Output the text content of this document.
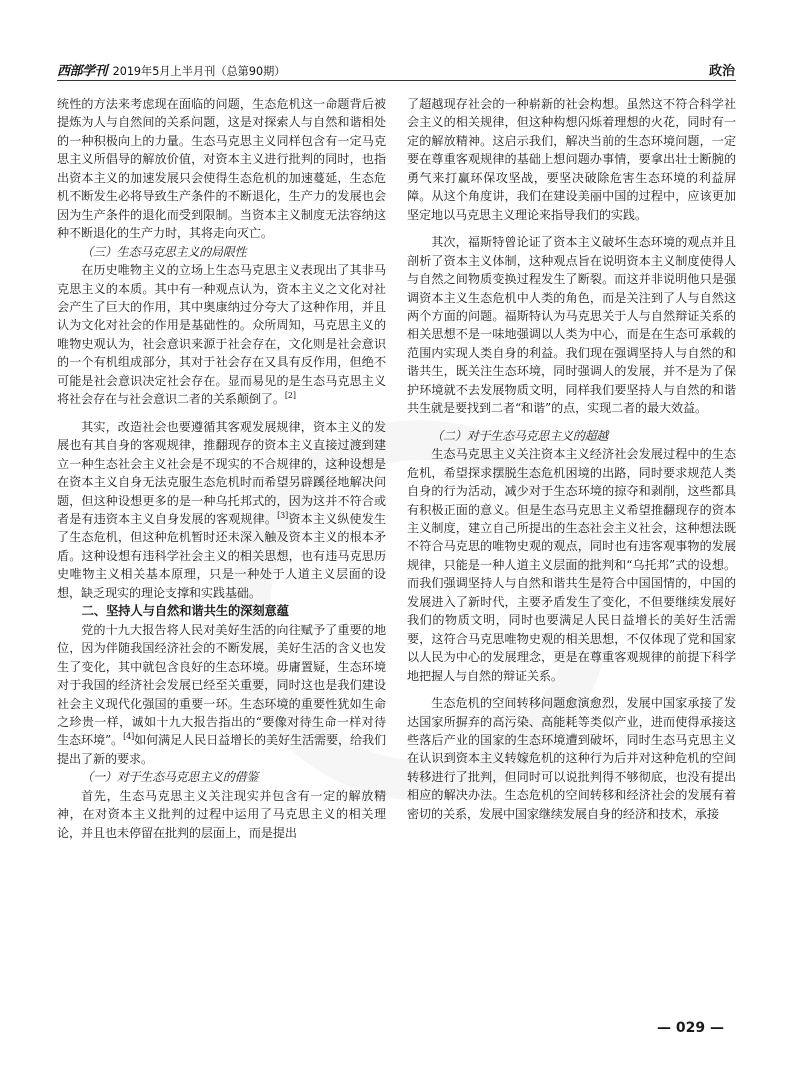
西部学刊 2019年5月上半月刊（总第90期）	政治

统性的方法来考虑现在面临的问题，生态危机这一命题背后被提炼为人与自然间的关系问题，这是对探索人与自然和谐相处的一种积极向上的力量。生态马克思主义同样包含有一定马克思主义所倡导的解放价值，对资本主义进行批判的同时，也指出资本主义的加速发展只会使得生态危机的加速蔓延，生态危机不断发生必将导致生产条件的不断退化，生产力的发展也会因为生产条件的退化而受到限制。当资本主义制度无法容纳这种不断退化的生产力时，其将走向灭亡。

（三）生态马克思主义的局限性

在历史唯物主义的立场上生态马克思主义表现出了其非马克思主义的本质。其中有一种观点认为，资本主义之文化对社会产生了巨大的作用，其中奥康纳过分夸大了这种作用，并且认为文化对社会的作用是基础性的。众所周知，马克思主义的唯物史观认为，社会意识来源于社会存在，文化则是社会意识的一个有机组成部分，其对于社会存在又具有反作用，但绝不可能是社会意识决定社会存在。显而易见的是生态马克思主义将社会存在与社会意识二者的关系颠倒了。[2]

其实，改造社会也要遵循其客观发展规律，资本主义的发展也有其自身的客观规律，推翻现存的资本主义直接过渡到建立一种生态社会主义社会是不现实的不合规律的，这种设想是在资本主义自身无法克服生态危机时而希望另辟蹊径地解决问题，但这种设想更多的是一种乌托邦式的，因为这并不符合或者是有违资本主义自身发展的客观规律。[3]资本主义纵使发生了生态危机，但这种危机暂时还未深入触及资本主义的根本矛盾。这种设想有违科学社会主义的相关思想，也有违马克思历史唯物主义相关基本原理，只是一种处于人道主义层面的设想，缺乏现实的理论支撑和实践基础。

二、坚持人与自然和谐共生的深刻意蕴

党的十九大报告将人民对美好生活的向往赋予了重要的地位，因为伴随我国经济社会的不断发展，美好生活的含义也发生了变化，其中就包含良好的生态环境。毋庸置疑，生态环境对于我国的经济社会发展已经至关重要，同时这也是我们建设社会主义现代化强国的重要一环。生态环境的重要性犹如生命之珍贵一样，诚如十九大报告指出的“要像对待生命一样对待生态环境”。[4]如何满足人民日益增长的美好生活需要，给我们提出了新的要求。

（一）对于生态马克思主义的借鉴

首先，生态马克思主义关注现实并包含有一定的解放精神，在对资本主义批判的过程中运用了马克思主义的相关理论，并且也未停留在批判的层面上，而是提出

了超越现存社会的一种崭新的社会构想。虽然这不符合科学社会主义的相关规律，但这种构想闪烁着理想的火花，同时有一定的解放精神。这启示我们，解决当前的生态环境问题，一定要在尊重客观规律的基础上想问题办事情，要拿出壮士断腕的勇气来打赢环保攻坚战，要坚决破除危害生态环境的利益屏障。从这个角度讲，我们在建设美丽中国的过程中，应该更加坚定地以马克思主义理论来指导我们的实践。

其次，福斯特曾论证了资本主义破坏生态环境的观点并且剖析了资本主义体制，这种观点旨在说明资本主义制度使得人与自然之间物质变换过程发生了断裂。而这并非说明他只是强调资本主义生态危机中人类的角色，而是关注到了人与自然这两个方面的问题。福斯特认为马克思关于人与自然辩证关系的相关思想不是一味地强调以人类为中心，而是在生态可承载的范围内实现人类自身的利益。我们现在强调坚持人与自然的和谐共生，既关注生态环境，同时强调人的发展，并不是为了保护环境就不去发展物质文明，同样我们要坚持人与自然的和谐共生就是要找到二者“和谐”的点，实现二者的最大效益。

（二）对于生态马克思主义的超越

生态马克思主义关注资本主义经济社会发展过程中的生态危机，希望探求摆脱生态危机困境的出路，同时要求规范人类自身的行为活动，减少对于生态环境的掠夺和剥削，这些都具有积极正面的意义。但是生态马克思主义希望推翻现存的资本主义制度，建立自己所提出的生态社会主义社会，这种想法既不符合马克思的唯物史观的观点，同时也有违客观事物的发展规律，只能是一种人道主义层面的批判和“乌托邦”式的设想。而我们强调坚持人与自然和谐共生是符合中国国情的，中国的发展进入了新时代，主要矛盾发生了变化，不但要继续发展好我们的物质文明，同时也要满足人民日益增长的美好生活需要，这符合马克思唯物史观的相关思想，不仅体现了党和国家以人民为中心的发展理念，更是在尊重客观规律的前提下科学地把握人与自然的辩证关系。

生态危机的空间转移问题愈演愈烈，发展中国家承接了发达国家所摒弃的高污染、高能耗等类似产业，进而使得承接这些落后产业的国家的生态环境遭到破坏，同时生态马克思主义在认识到资本主义转嫁危机的这种行为后并对这种危机的空间转移进行了批判，但同时可以说批判得不够彻底，也没有提出相应的解决办法。生态危机的空间转移和经济社会的发展有着密切的关系，发展中国家继续发展自身的经济和技术，承接

— 029 —
